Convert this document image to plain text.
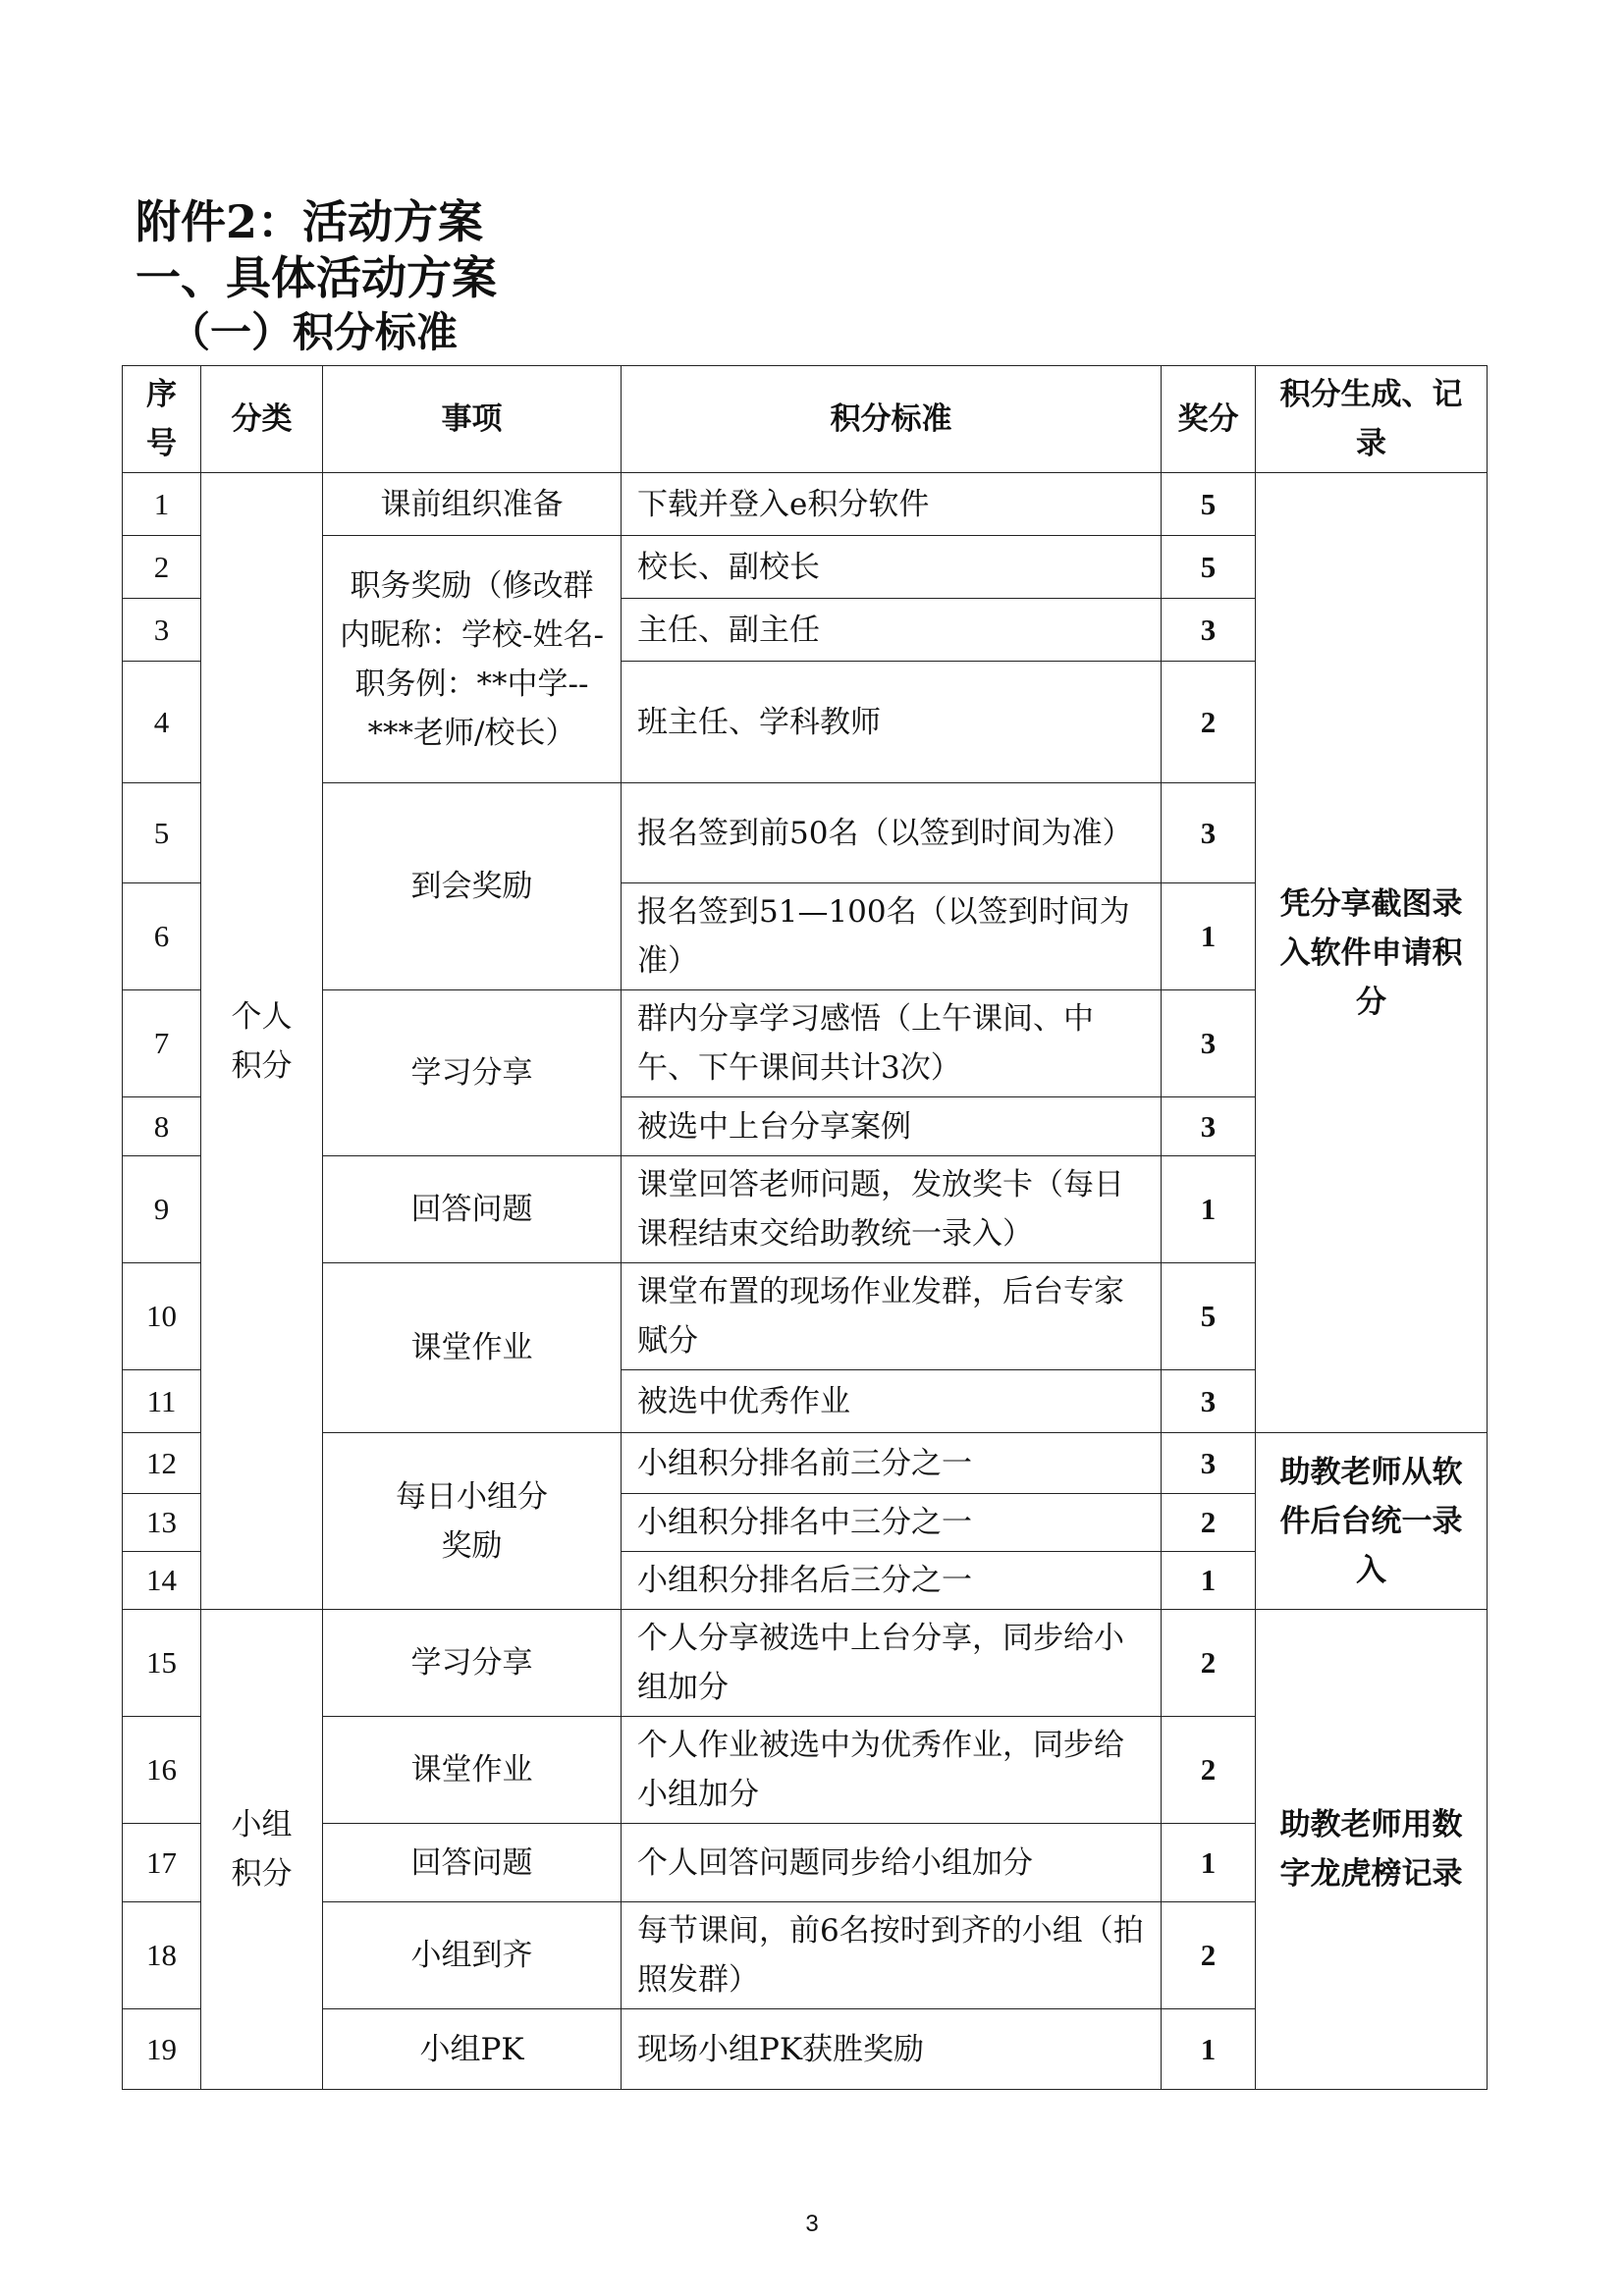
附件2：活动方案
一、具体活动方案
（一）积分标准
序号	分类	事项	积分标准	奖分	积分生成、记录
1	个人积分	课前组织准备	下载并登入e积分软件	5	凭分享截图录入软件申请积分
2		职务奖励（修改群内昵称：学校-姓名-职务例：**中学--***老师/校长）	校长、副校长	5	
3			主任、副主任	3	
4			班主任、学科教师	2	
5		到会奖励	报名签到前50名（以签到时间为准）	3	
6			报名签到51—100名（以签到时间为准）	1	
7		学习分享	群内分享学习感悟（上午课间、中午、下午课间共计3次）	3	
8			被选中上台分享案例	3	
9		回答问题	课堂回答老师问题，发放奖卡（每日课程结束交给助教统一录入）	1	
10		课堂作业	课堂布置的现场作业发群，后台专家赋分	5	
11			被选中优秀作业	3	
12		每日小组分奖励	小组积分排名前三分之一	3	助教老师从软件后台统一录入
13			小组积分排名中三分之一	2	
14			小组积分排名后三分之一	1	
15	小组积分	学习分享	个人分享被选中上台分享，同步给小组加分	2	助教老师用数字龙虎榜记录
16		课堂作业	个人作业被选中为优秀作业，同步给小组加分	2	
17		回答问题	个人回答问题同步给小组加分	1	
18		小组到齐	每节课间，前6名按时到齐的小组（拍照发群）	2	
19		小组PK	现场小组PK获胜奖励	1	
3
